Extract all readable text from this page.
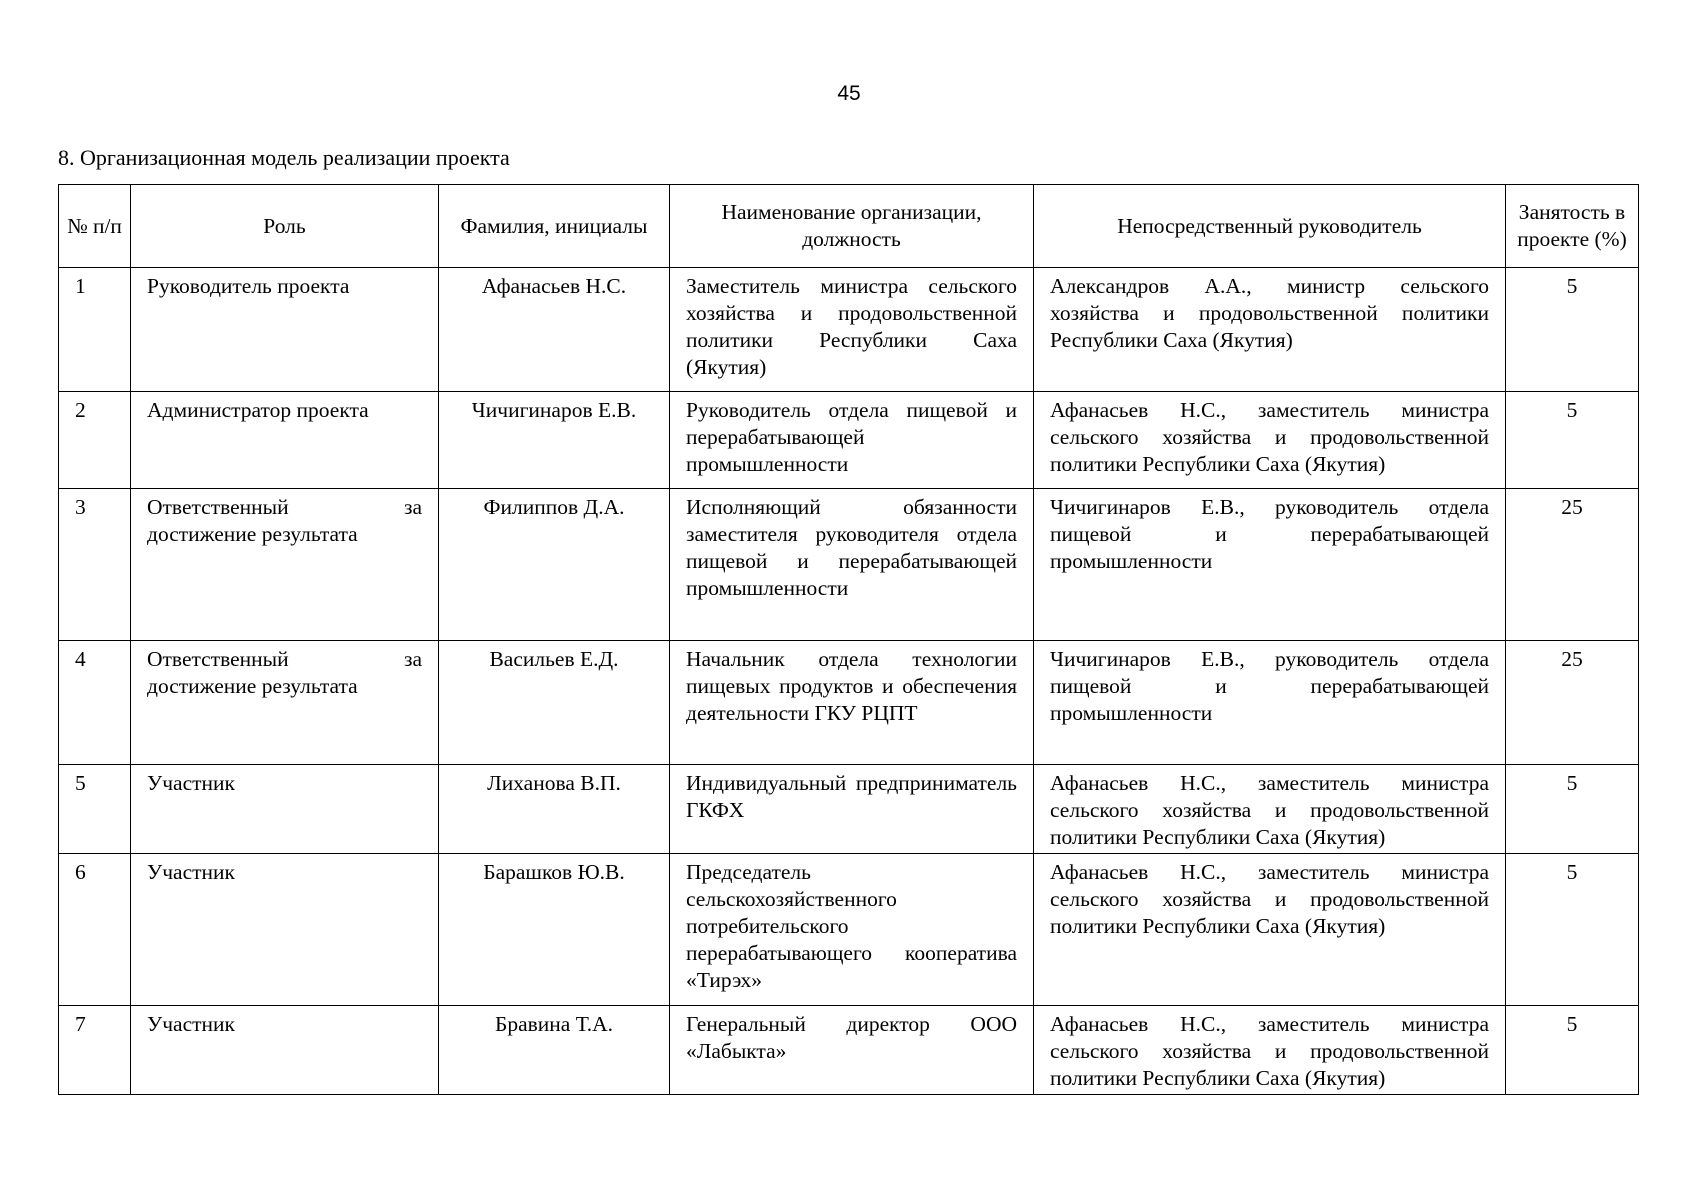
45
8. Организационная модель реализации проекта
№ п/п	Роль	Фамилия, инициалы	Наименование организации, должность	Непосредственный руководитель	Занятость в проекте (%)
1	Руководитель проекта	Афанасьев Н.С.	Заместитель министра сельского хозяйства и продовольственной политики Республики Саха (Якутия)	Александров А.А., министр сельского хозяйства и продовольственной политики Республики Саха (Якутия)	5
2	Администратор проекта	Чичигинаров Е.В.	Руководитель отдела пищевой и перерабатывающей промышленности	Афанасьев Н.С., заместитель министра сельского хозяйства и продовольственной политики Республики Саха (Якутия)	5
3	Ответственный за достижение результата	Филиппов Д.А.	Исполняющий обязанности заместителя руководителя отдела пищевой и перерабатывающей промышленности	Чичигинаров Е.В., руководитель отдела пищевой и перерабатывающей промышленности	25
4	Ответственный за достижение результата	Васильев Е.Д.	Начальник отдела технологии пищевых продуктов и обеспечения деятельности ГКУ РЦПТ	Чичигинаров Е.В., руководитель отдела пищевой и перерабатывающей промышленности	25
5	Участник	Лиханова В.П.	Индивидуальный предприниматель ГКФХ	Афанасьев Н.С., заместитель министра сельского хозяйства и продовольственной политики Республики Саха (Якутия)	5
6	Участник	Барашков Ю.В.	Председатель сельскохозяйственного потребительского перерабатывающего кооператива «Тирэх»	Афанасьев Н.С., заместитель министра сельского хозяйства и продовольственной политики Республики Саха (Якутия)	5
7	Участник	Бравина Т.А.	Генеральный директор ООО «Лабыкта»	Афанасьев Н.С., заместитель министра сельского хозяйства и продовольственной политики Республики Саха (Якутия)	5
